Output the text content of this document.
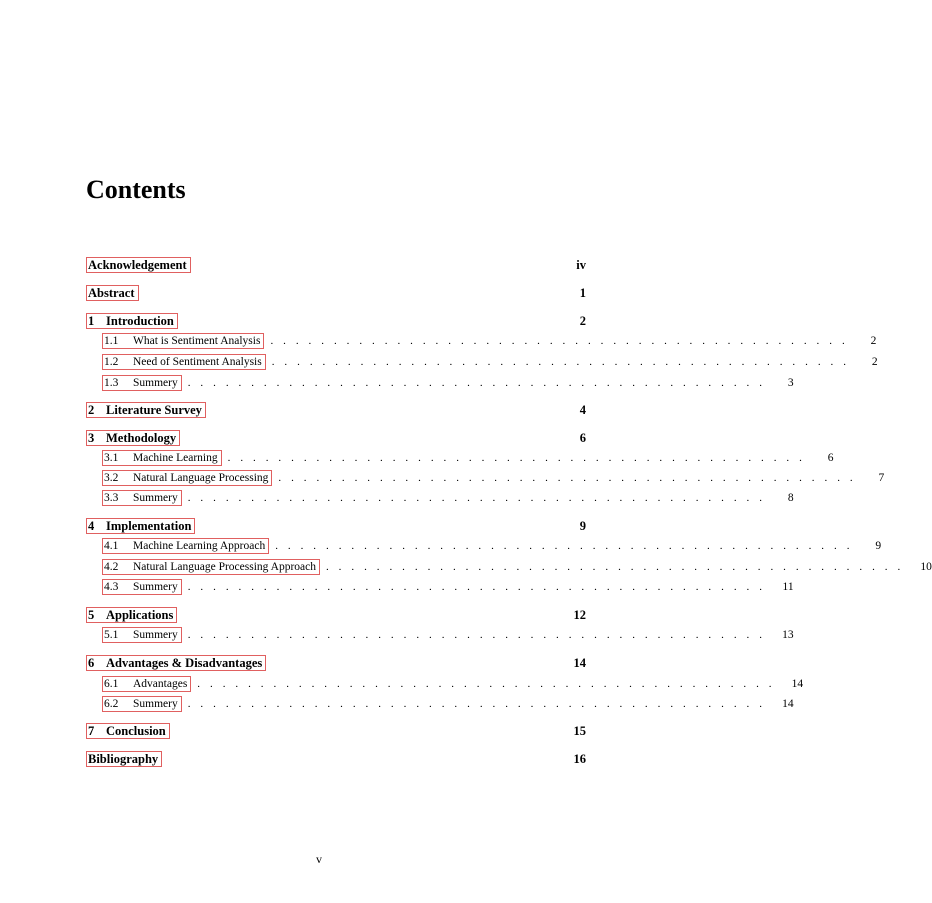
Contents
Acknowledgement	iv
Abstract	1
1 Introduction	2
1.1	What is Sentiment Analysis . . . . . . . . . . . . . . . . . . . . . . . . . . . . . . . . . . . . . . . . . . . . . .	2
1.2	Need of Sentiment Analysis . . . . . . . . . . . . . . . . . . . . . . . . . . . . . . . . . . . . . . . . . . . . . .	2
1.3	Summery . . . . . . . . . . . . . . . . . . . . . . . . . . . . . . . . . . . . . . . . . . . . . .	3
2 Literature Survey	4
3 Methodology	6
3.1	Machine Learning . . . . . . . . . . . . . . . . . . . . . . . . . . . . . . . . . . . . . . . . . . . . . .	6
3.2	Natural Language Processing . . . . . . . . . . . . . . . . . . . . . . . . . . . . . . . . . . . . . . . . . . . . . .	7
3.3	Summery . . . . . . . . . . . . . . . . . . . . . . . . . . . . . . . . . . . . . . . . . . . . . .	8
4 Implementation	9
4.1	Machine Learning Approach . . . . . . . . . . . . . . . . . . . . . . . . . . . . . . . . . . . . . . . . . . . . . .	9
4.2	Natural Language Processing Approach . . . . . . . . . . . . . . . . . . . . . . . . . . . . . . . . . . . . . . . . . . . . . .	10
4.3	Summery . . . . . . . . . . . . . . . . . . . . . . . . . . . . . . . . . . . . . . . . . . . . . .	11
5 Applications	12
5.1	Summery . . . . . . . . . . . . . . . . . . . . . . . . . . . . . . . . . . . . . . . . . . . . . .	13
6 Advantages & Disadvantages	14
6.1	Advantages . . . . . . . . . . . . . . . . . . . . . . . . . . . . . . . . . . . . . . . . . . . . . .	14
6.2	Summery . . . . . . . . . . . . . . . . . . . . . . . . . . . . . . . . . . . . . . . . . . . . . .	14
7 Conclusion	15
Bibliography	16
v
